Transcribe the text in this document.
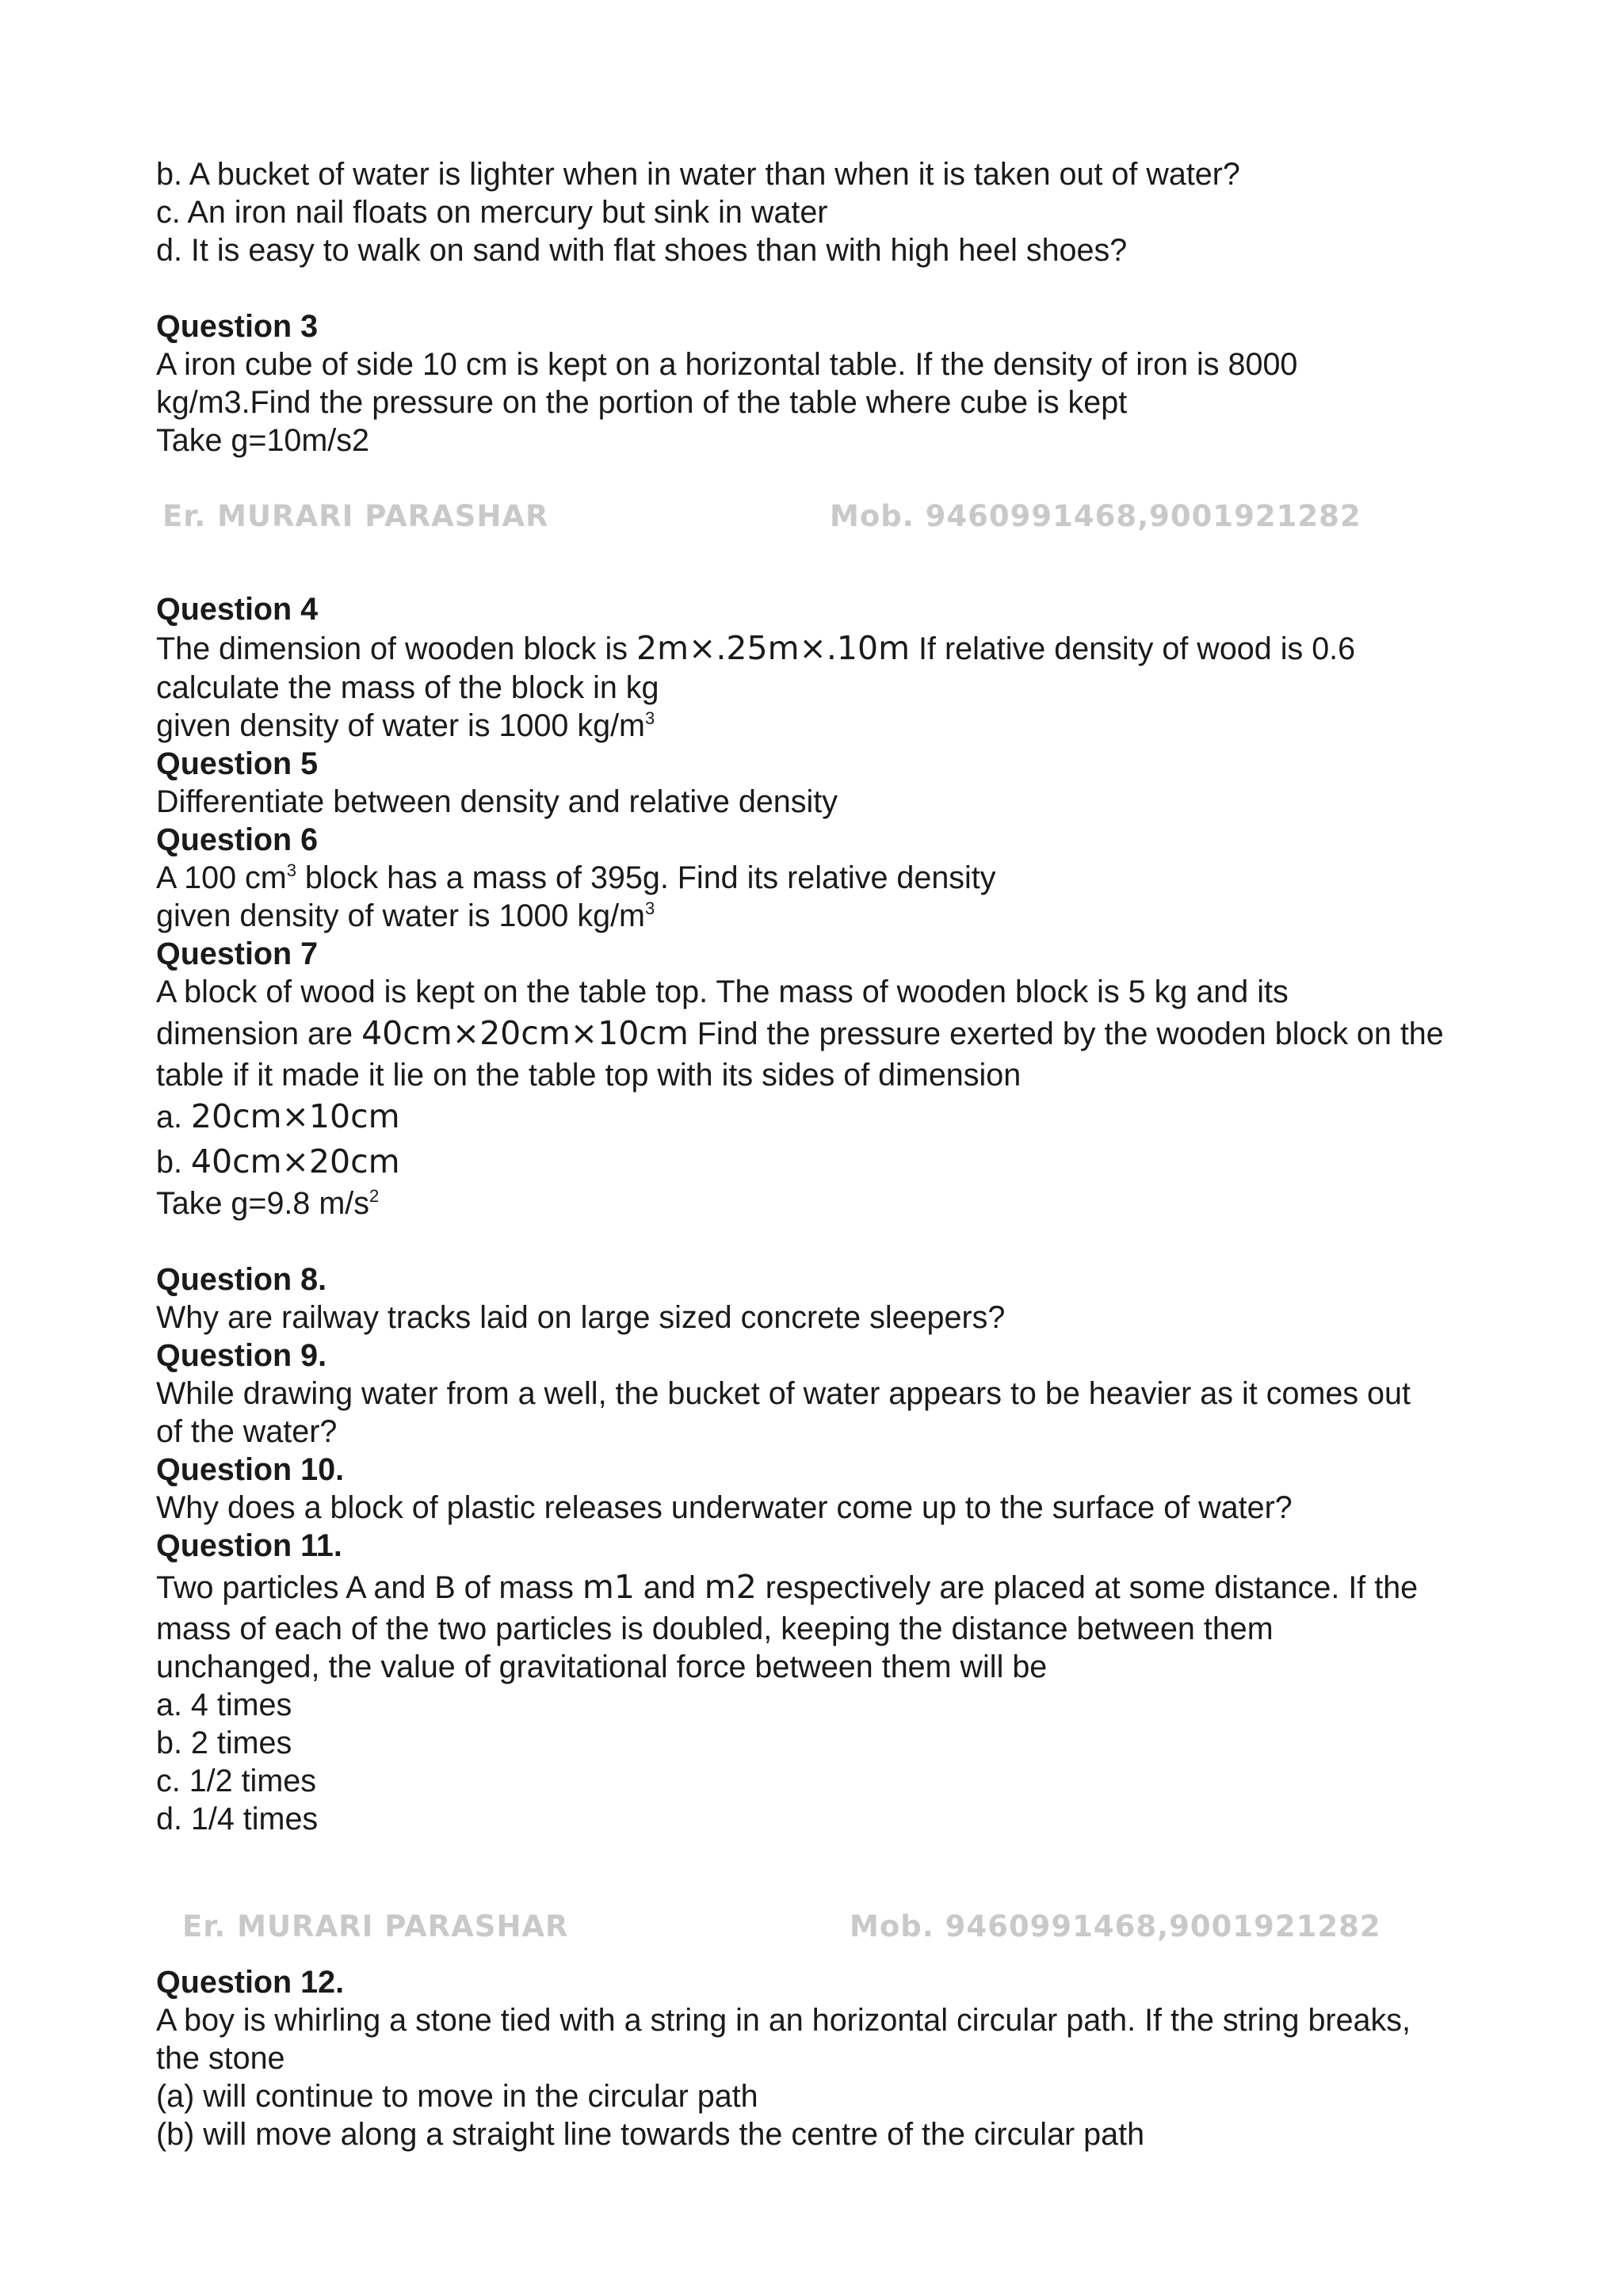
Er. MURARI PARASHAR	Mob. 9460991468,9001921282
Er. MURARI PARASHAR	Mob. 9460991468,9001921282

b. A bucket of water is lighter when in water than when it is taken out of water?

c. An iron nail floats on mercury but sink in water

d. It is easy to walk on sand with flat shoes than with high heel shoes?

Question 3

A iron cube of side 10 cm is kept on a horizontal table. If the density of iron is 8000

kg/m3.Find the pressure on the portion of the table where cube is kept

Take g=10m/s2

Question 4

The dimension of wooden block is 2m×.25m×.10m If relative density of wood is 0.6

calculate the mass of the block in kg

given density of water is 1000 $kg/m^3$

Question 5

Differentiate between density and relative density

Question 6

A 100 $cm^3$ block has a mass of 395g. Find its relative density

given density of water is 1000 $kg/m^3$

Question 7

A block of wood is kept on the table top. The mass of wooden block is 5 kg and its

dimension are 40cm×20cm×10cm Find the pressure exerted by the wooden block on the

table if it made it lie on the table top with its sides of dimension

a. 20cm×10cm

b. 40cm×20cm

Take g=9.8 $m/s^2$

Question 8.

Why are railway tracks laid on large sized concrete sleepers?

Question 9.

While drawing water from a well, the bucket of water appears to be heavier as it comes out

of the water?

Question 10.

Why does a block of plastic releases underwater come up to the surface of water?

Question 11.

Two particles A and B of mass m1 and m2 respectively are placed at some distance. If the

mass of each of the two particles is doubled, keeping the distance between them

unchanged, the value of gravitational force between them will be

a. 4 times

b. 2 times

c. 1/2 times

d. 1/4 times

Question 12.

A boy is whirling a stone tied with a string in an horizontal circular path. If the string breaks,

the stone

(a) will continue to move in the circular path

(b) will move along a straight line towards the centre of the circular path
